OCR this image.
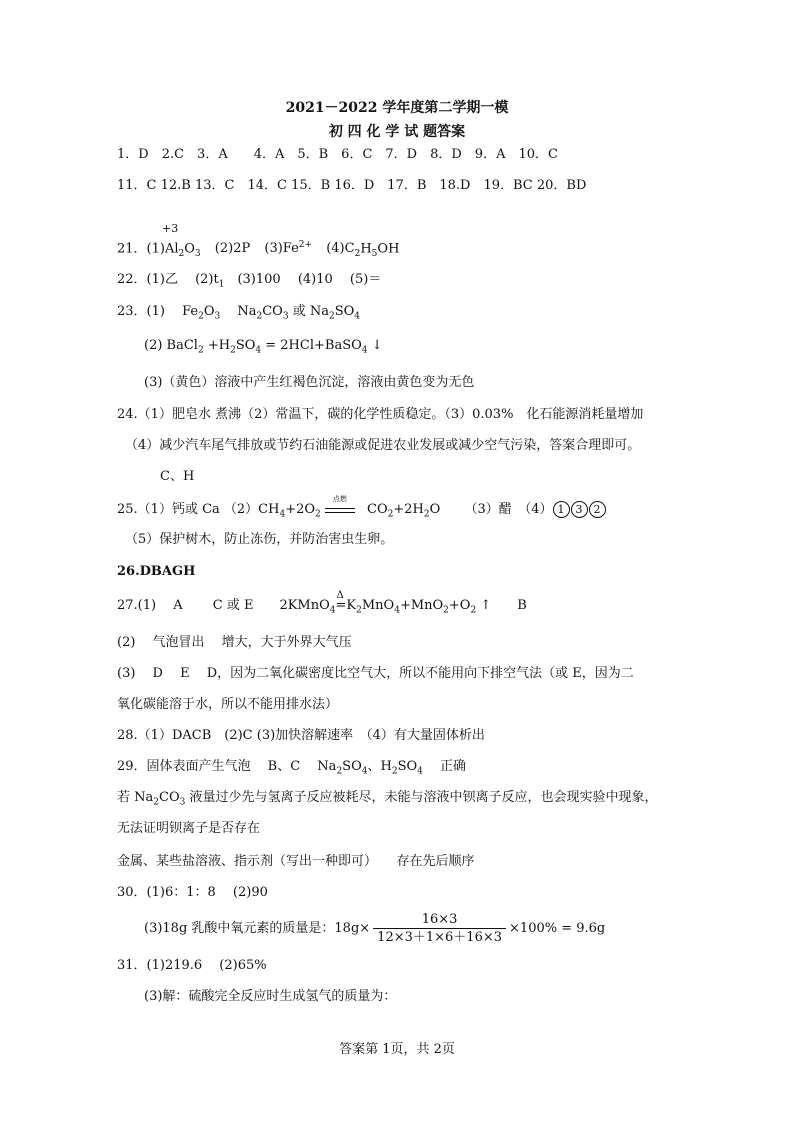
2021－2022 学年度第二学期一模
初 四 化 学 试 题答案
1．D　2.C　3．A　　4．A　5．B　6．C　7．D　8．D　9．A　10．C
11．C 12.B 13．C　14．C 15．B 16．D　17．B　18.D　19．BC 20．BD
+3
21．$(1)Al_2O_3$ (2)2P $(3)Fe^{2+}$ $(4)C_2H_5OH$
22．(1)乙　 $(2)t_1$　(3)100　 (4)10　 (5)＝
23．(1)　 $Fe_2O_3$　 $Na_2CO_3$ 或 $Na_2SO_4$
(2) BaCl$_2$ $+H_2SO_4$ = 2HCl+BaSO$_4$ ↓
(3)（黄色）溶液中产生红褐色沉淀，溶液由黄色变为无色
24.（1）肥皂水 煮沸（2）常温下，碳的化学性质稳定。（3）0.03%　化石能源消耗量增加
（4）减少汽车尾气排放或节约石油能源或促进农业发展或减少空气污染，答案合理即可。
C、H
25.（1）钙或 Ca $(2)CH_4+2O_2$
点燃
$CO_2+2H_2O$ （3）醋　（4） 1 3 2
（5）保护树木，防止冻伤，并防治害虫生卵。
26.DBAGH
27.(1)　 A　　 C 或 E　　2KMnO$_4$
Δ
$=K_2MnO_4+MnO_2+O_2$ ↑　　B
(2)　 气泡冒出　 增大，大于外界大气压
(3)　 D　 E　 D，因为二氧化碳密度比空气大，所以不能用向下排空气法（或 E，因为二
氧化碳能溶于水，所以不能用排水法）
28.（1）DACB　(2)C (3)加快溶解速率　（4）有大量固体析出
29．固体表面产生气泡　 B、C　 $Na_2SO_4$、$H_2SO_4$　 正确
若 $Na_2CO_3$ 液量过少先与氢离子反应被耗尽，未能与溶液中钡离子反应，也会现实验中现象，
无法证明钡离子是否存在
金属、某些盐溶液、指示剂（写出一种即可）　　存在先后顺序
30．(1)6：1：8　 (2)90
(3)18g 乳酸中氧元素的质量是：$18g\times \frac{16\times 3}{12\times 3+1\times 6+16\times 3} \times 100\% = 9.6g$
31．(1)219.6　 (2)65%
(3)解：硫酸完全反应时生成氢气的质量为：
答案第 1页，共 2页
